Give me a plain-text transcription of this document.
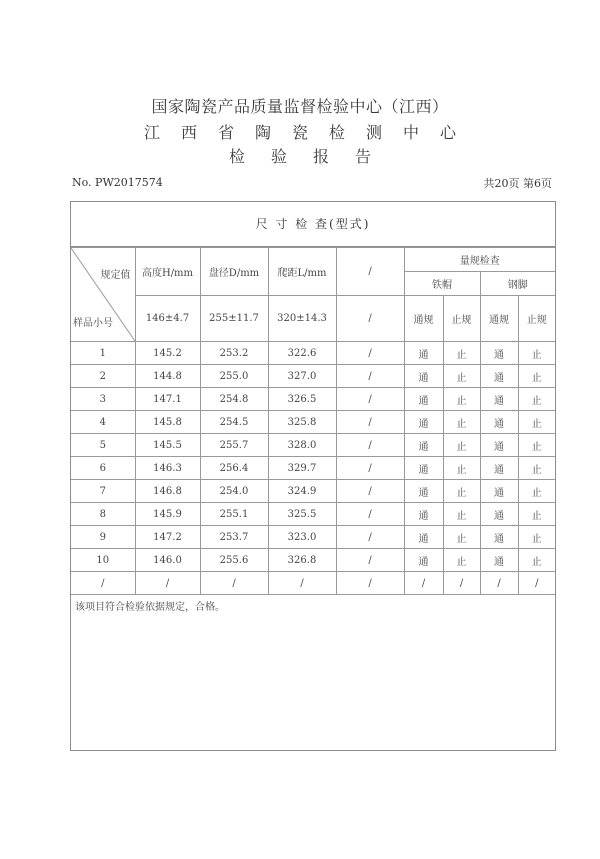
国家陶瓷产品质量监督检验中心（江西）
江西省陶瓷检测中心
检验报告
No. PW2017574	共20页 第6页
尺 寸 检 查(型式)
规定值
样品小号	高度H/mm	盘径D/mm	爬距L/mm	/	量规检查			
					铁帽		钢脚	
	146±4.7	255±11.7	320±14.3	/	通规	止规	通规	止规
1	145.2	253.2	322.6	/	通	止	通	止
2	144.8	255.0	327.0	/	通	止	通	止
3	147.1	254.8	326.5	/	通	止	通	止
4	145.8	254.5	325.8	/	通	止	通	止
5	145.5	255.7	328.0	/	通	止	通	止
6	146.3	256.4	329.7	/	通	止	通	止
7	146.8	254.0	324.9	/	通	止	通	止
8	145.9	255.1	325.5	/	通	止	通	止
9	147.2	253.7	323.0	/	通	止	通	止
10	146.0	255.6	326.8	/	通	止	通	止
/	/	/	/	/	/	/	/	/

该项目符合检验依据规定，合格。								
